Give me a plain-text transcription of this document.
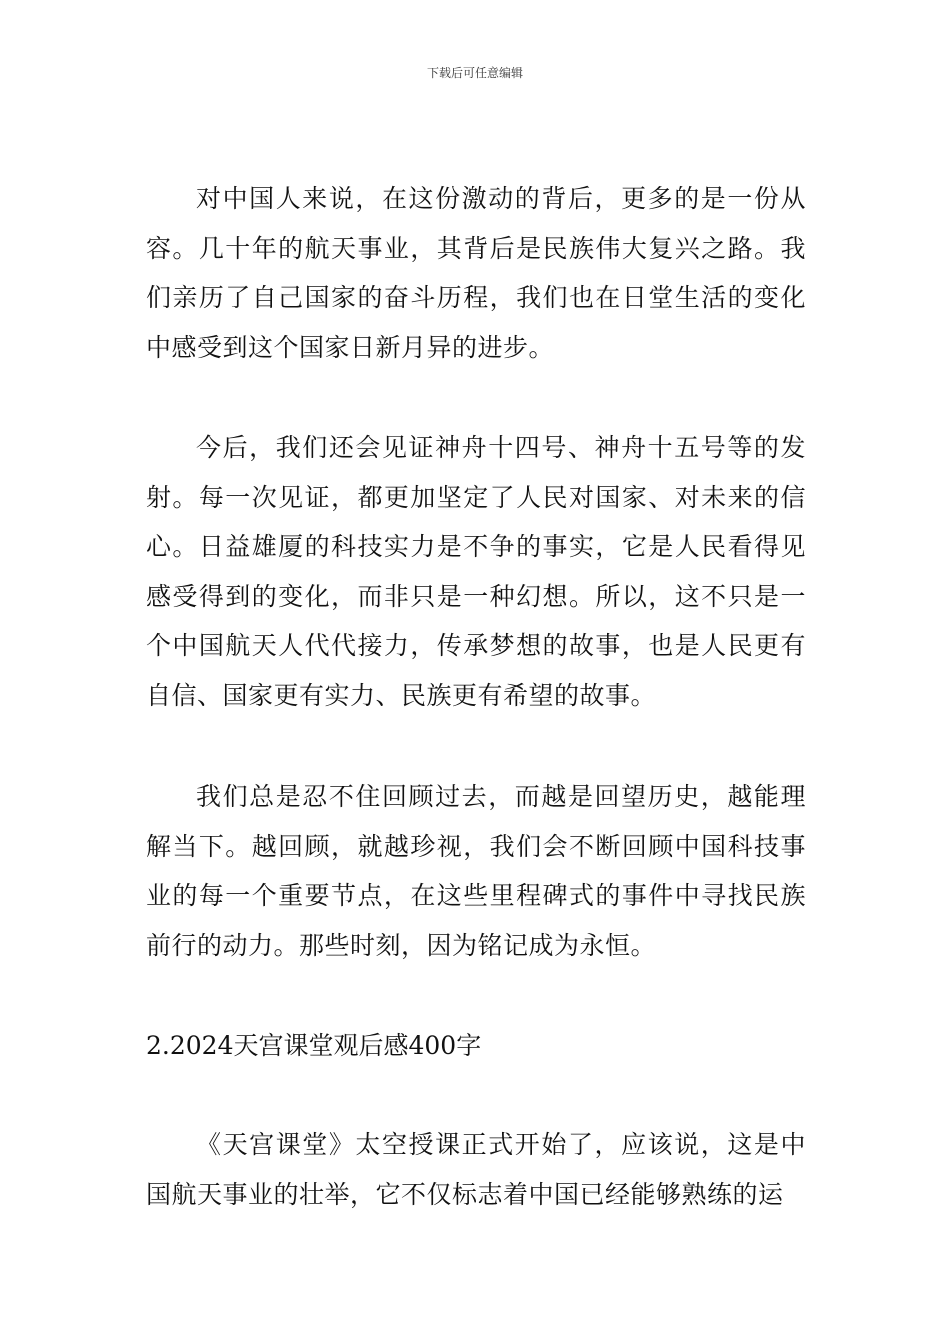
下载后可任意编辑

对中国人来说，在这份激动的背后，更多的是一份从容。几十年的航天事业，其背后是民族伟大复兴之路。我们亲历了自己国家的奋斗历程，我们也在日堂生活的变化中感受到这个国家日新月异的进步。

今后，我们还会见证神舟十四号、神舟十五号等的发射。每一次见证，都更加坚定了人民对国家、对未来的信心。日益雄厦的科技实力是不争的事实，它是人民看得见感受得到的变化，而非只是一种幻想。所以，这不只是一个中国航天人代代接力，传承梦想的故事，也是人民更有自信、国家更有实力、民族更有希望的故事。

我们总是忍不住回顾过去，而越是回望历史，越能理解当下。越回顾，就越珍视，我们会不断回顾中国科技事业的每一个重要节点，在这些里程碑式的事件中寻找民族前行的动力。那些时刻，因为铭记成为永恒。

2.2024天宫课堂观后感400字

《天宫课堂》太空授课正式开始了，应该说，这是中国航天事业的壮举，它不仅标志着中国已经能够熟练的运
